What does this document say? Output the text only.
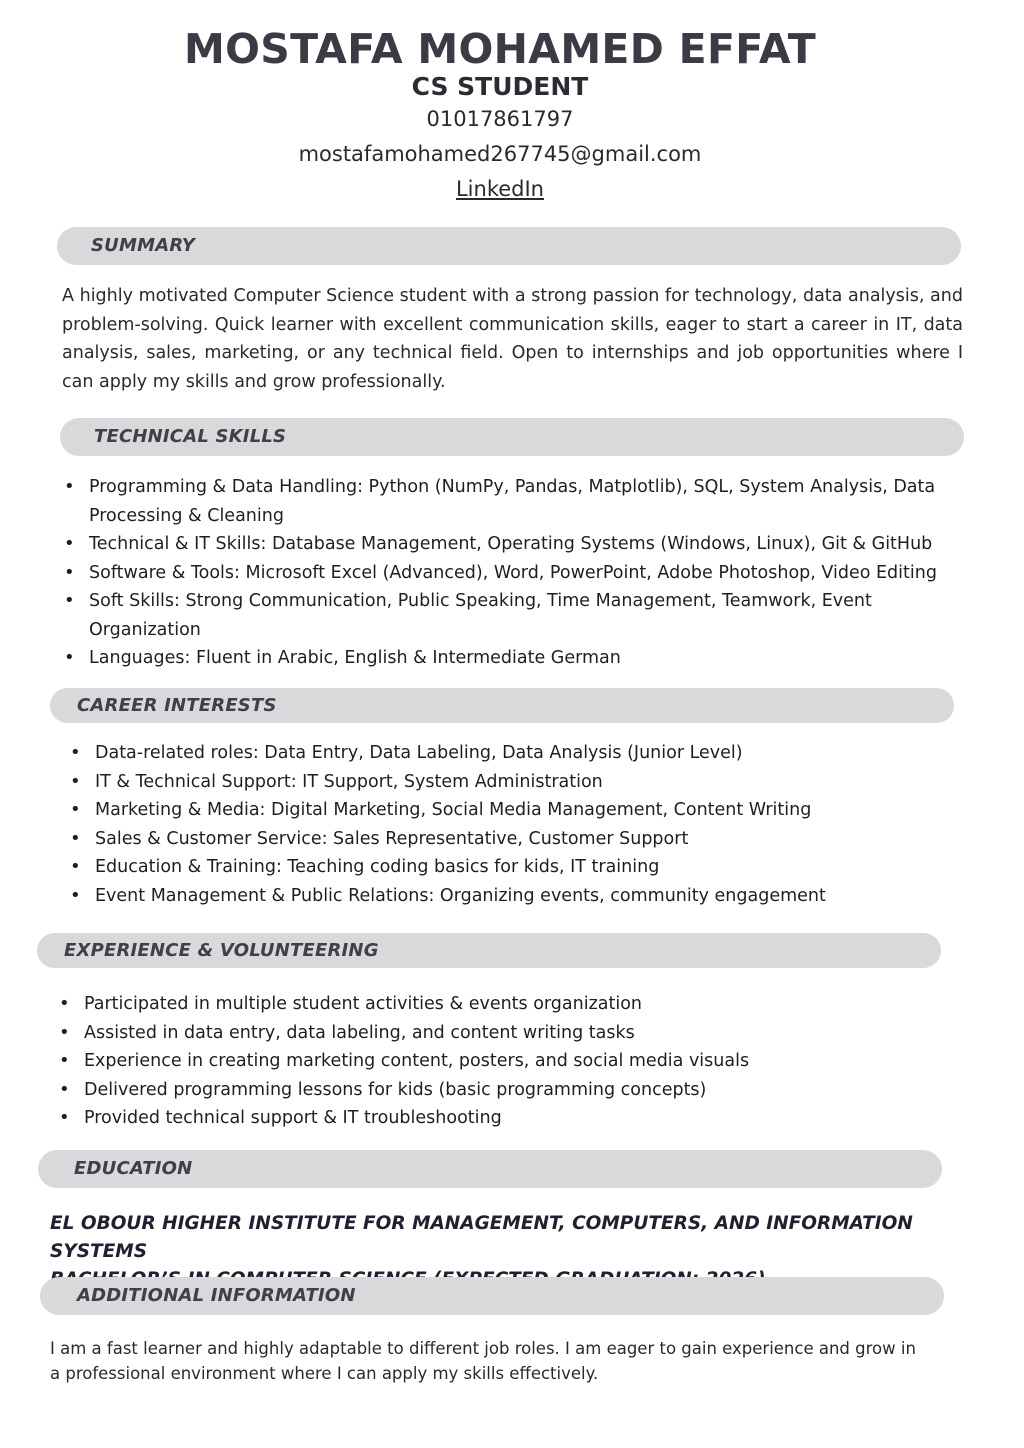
MOSTAFA MOHAMED EFFAT
CS STUDENT
01017861797
mostafamohamed267745@gmail.com
LinkedIn
SUMMARY
A highly motivated Computer Science student with a strong passion for technology, data analysis, and problem-solving. Quick learner with excellent communication skills, eager to start a career in IT, data analysis, sales, marketing, or any technical field. Open to internships and job opportunities where I can apply my skills and grow professionally.
TECHNICAL SKILLS
• Programming & Data Handling: Python (NumPy, Pandas, Matplotlib), SQL, System Analysis, Data Processing & Cleaning
• Technical & IT Skills: Database Management, Operating Systems (Windows, Linux), Git & GitHub
• Software & Tools: Microsoft Excel (Advanced), Word, PowerPoint, Adobe Photoshop, Video Editing
• Soft Skills: Strong Communication, Public Speaking, Time Management, Teamwork, Event Organization
• Languages: Fluent in Arabic, English & Intermediate German
CAREER INTERESTS
• Data-related roles: Data Entry, Data Labeling, Data Analysis (Junior Level)
• IT & Technical Support: IT Support, System Administration
• Marketing & Media: Digital Marketing, Social Media Management, Content Writing
• Sales & Customer Service: Sales Representative, Customer Support
• Education & Training: Teaching coding basics for kids, IT training
• Event Management & Public Relations: Organizing events, community engagement
EXPERIENCE & VOLUNTEERING
• Participated in multiple student activities & events organization
• Assisted in data entry, data labeling, and content writing tasks
• Experience in creating marketing content, posters, and social media visuals
• Delivered programming lessons for kids (basic programming concepts)
• Provided technical support & IT troubleshooting
EDUCATION
EL OBOUR HIGHER INSTITUTE FOR MANAGEMENT, COMPUTERS, AND INFORMATION SYSTEMS
ADDITIONAL INFORMATION
I am a fast learner and highly adaptable to different job roles. I am eager to gain experience and grow in a professional environment where I can apply my skills effectively.
